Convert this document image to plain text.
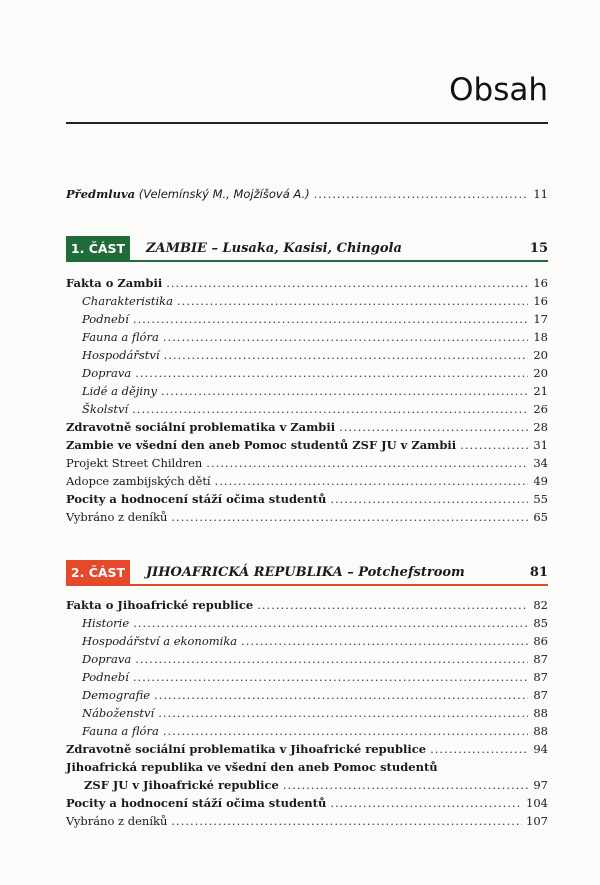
Obsah
Předmluva (Velemínský M., Mojžíšová A.) .....	11
1. ČÁST	ZAMBIE – Lusaka, Kasisi, Chingola	15
Fakta o Zambii .....	16
Charakteristika .....	16
Podnebí .....	17
Fauna a flóra .....	18
Hospodářství .....	20
Doprava .....	20
Lidé a dějiny .....	21
Školství .....	26
Zdravotně sociální problematika v Zambii .....	28
Zambie ve všední den aneb Pomoc studentů ZSF JU v Zambii .....	31
Projekt Street Children .....	34
Adopce zambijských dětí .....	49
Pocity a hodnocení stáží očima studentů .....	55
Vybráno z deníků .....	65
2. ČÁST	JIHOAFRICKÁ REPUBLIKA – Potchefstroom	81
Fakta o Jihoafrické republice .....	82
Historie .....	85
Hospodářství a ekonomika .....	86
Doprava .....	87
Podnebí .....	87
Demografie .....	87
Náboženství .....	88
Fauna a flóra .....	88
Zdravotně sociální problematika v Jihoafrické republice .....	94
Jihoafrická republika ve všední den aneb Pomoc studentů
ZSF JU v Jihoafrické republice .....	97
Pocity a hodnocení stáží očima studentů .....	104
Vybráno z deníků .....	107
